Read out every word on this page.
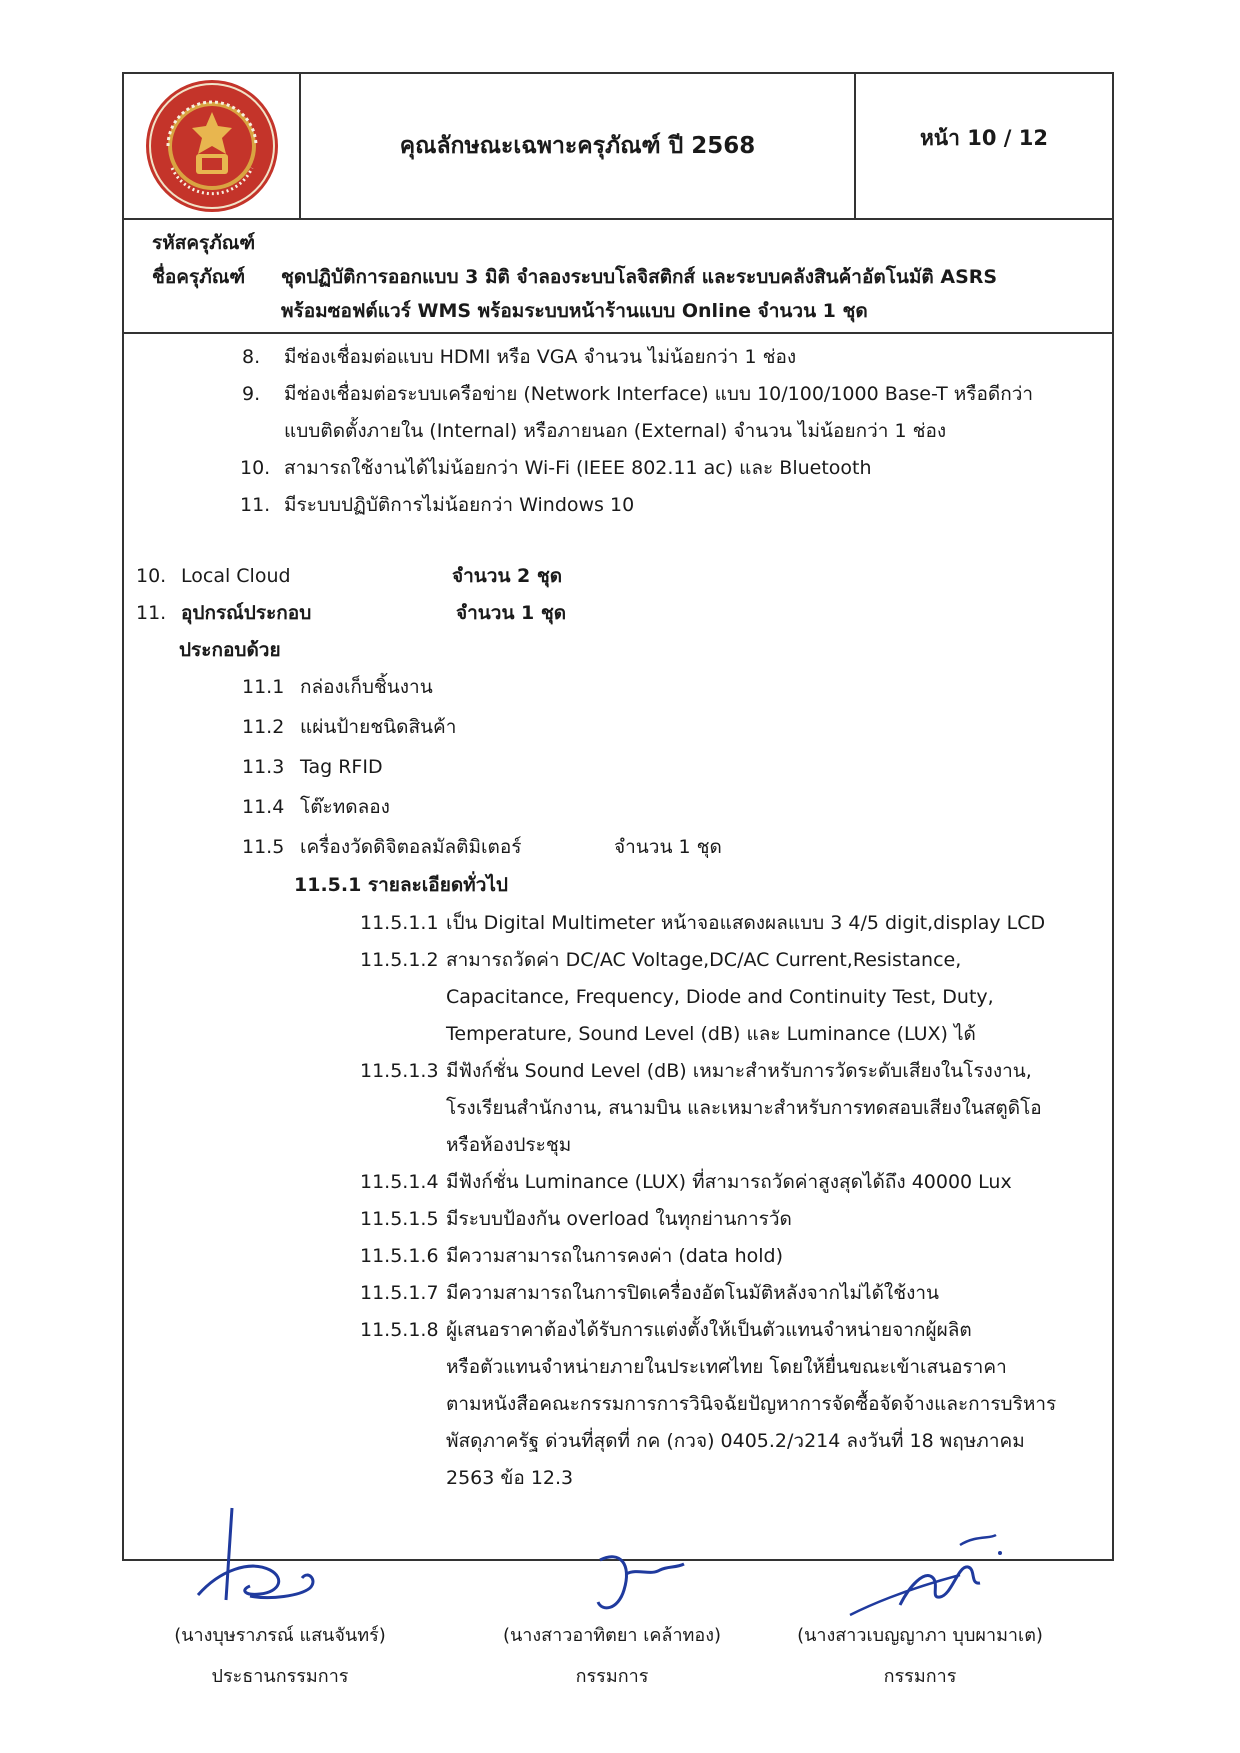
คุณลักษณะเฉพาะครุภัณฑ์ ปี 2568	หน้า 10 / 12
รหัสครุภัณฑ์
ชื่อครุภัณฑ์ ชุดปฏิบัติการออกแบบ 3 มิติ จำลองระบบโลจิสติกส์ และระบบคลังสินค้าอัตโนมัติ ASRS
พร้อมซอฟต์แวร์ WMS พร้อมระบบหน้าร้านแบบ Online จำนวน 1 ชุด
8. มีช่องเชื่อมต่อแบบ HDMI หรือ VGA จำนวน ไม่น้อยกว่า 1 ช่อง
9. มีช่องเชื่อมต่อระบบเครือข่าย (Network Interface) แบบ 10/100/1000 Base-T หรือดีกว่า
แบบติดตั้งภายใน (Internal) หรือภายนอก (External) จำนวน ไม่น้อยกว่า 1 ช่อง
10. สามารถใช้งานได้ไม่น้อยกว่า Wi-Fi (IEEE 802.11 ac) และ Bluetooth
11. มีระบบปฏิบัติการไม่น้อยกว่า Windows 10
10. Local Cloud	จำนวน 2 ชุด
11. อุปกรณ์ประกอบ	จำนวน 1 ชุด
ประกอบด้วย
11.1 กล่องเก็บชิ้นงาน
11.2 แผ่นป้ายชนิดสินค้า
11.3 Tag RFID
11.4 โต๊ะทดลอง
11.5 เครื่องวัดดิจิตอลมัลติมิเตอร์	จำนวน 1 ชุด
11.5.1 รายละเอียดทั่วไป
11.5.1.1 เป็น Digital Multimeter หน้าจอแสดงผลแบบ 3 4/5 digit,display LCD
11.5.1.2 สามารถวัดค่า DC/AC Voltage,DC/AC Current,Resistance,
Capacitance, Frequency, Diode and Continuity Test, Duty,
Temperature, Sound Level (dB) และ Luminance (LUX) ได้
11.5.1.3 มีฟังก์ชั่น Sound Level (dB) เหมาะสำหรับการวัดระดับเสียงในโรงงาน,
โรงเรียนสำนักงาน, สนามบิน และเหมาะสำหรับการทดสอบเสียงในสตูดิโอ
หรือห้องประชุม
11.5.1.4 มีฟังก์ชั่น Luminance (LUX) ที่สามารถวัดค่าสูงสุดได้ถึง 40000 Lux
11.5.1.5 มีระบบป้องกัน overload ในทุกย่านการวัด
11.5.1.6 มีความสามารถในการคงค่า (data hold)
11.5.1.7 มีความสามารถในการปิดเครื่องอัตโนมัติหลังจากไม่ได้ใช้งาน
11.5.1.8 ผู้เสนอราคาต้องได้รับการแต่งตั้งให้เป็นตัวแทนจำหน่ายจากผู้ผลิต
หรือตัวแทนจำหน่ายภายในประเทศไทย โดยให้ยื่นขณะเข้าเสนอราคา
ตามหนังสือคณะกรรมการการวินิจฉัยปัญหาการจัดซื้อจัดจ้างและการบริหาร
พัสดุภาครัฐ ด่วนที่สุดที่ กค (กวจ) 0405.2/ว214 ลงวันที่ 18 พฤษภาคม
2563 ข้อ 12.3
(นางบุษราภรณ์ แสนจันทร์)
ประธานกรรมการ
(นางสาวอาทิตยา เคล้าทอง)
กรรมการ
(นางสาวเบญญาภา บุบผามาเต)
กรรมการ
